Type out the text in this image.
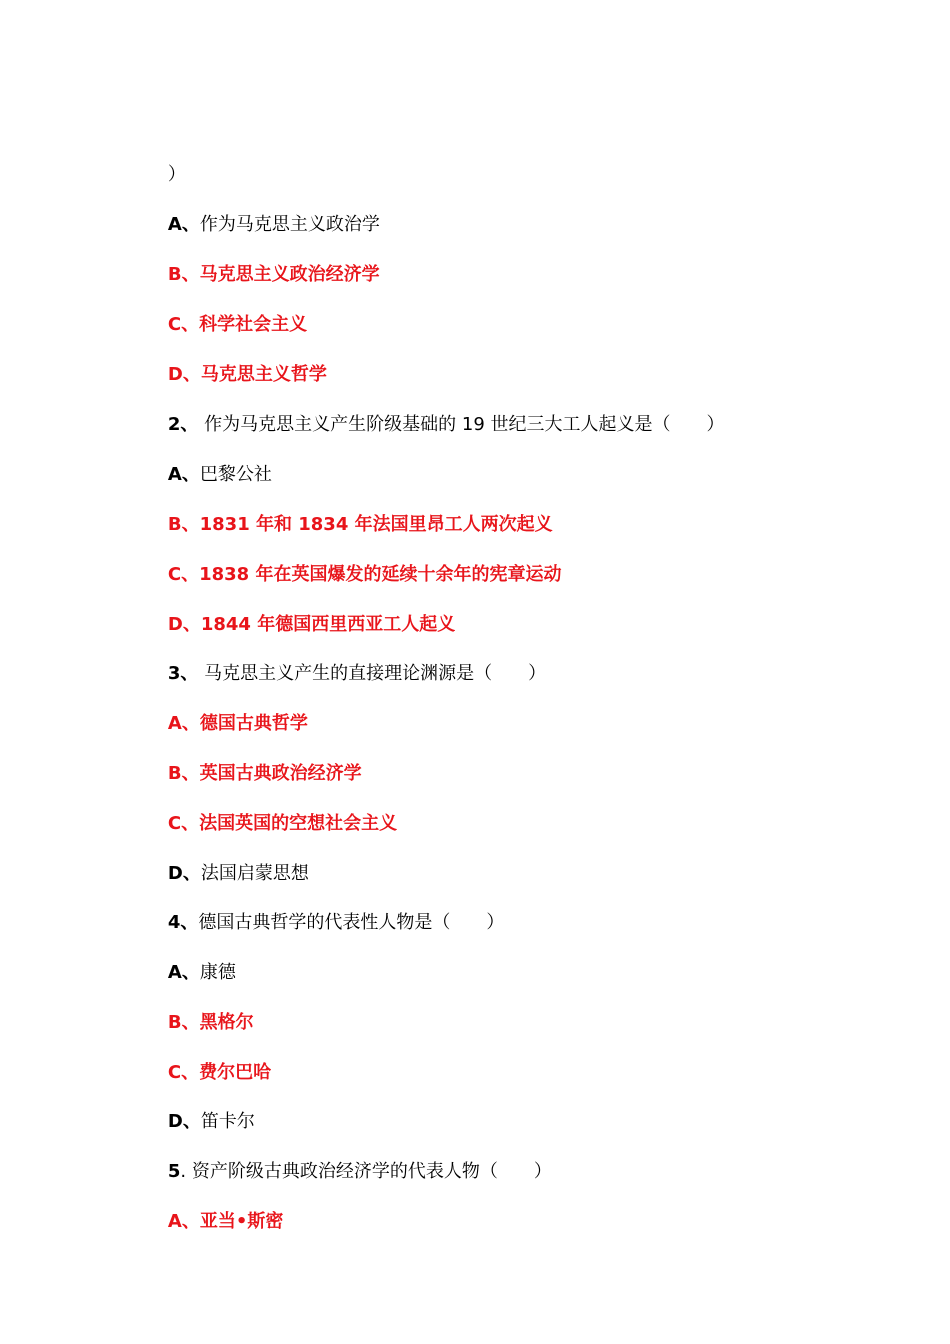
）

A、作为马克思主义政治学

B、马克思主义政治经济学

C、科学社会主义

D、马克思主义哲学

2、 作为马克思主义产生阶级基础的 19 世纪三大工人起义是（　　）

A、巴黎公社

B、1831 年和 1834 年法国里昂工人两次起义

C、1838 年在英国爆发的延续十余年的宪章运动

D、1844 年德国西里西亚工人起义

3、 马克思主义产生的直接理论渊源是（　　）

A、德国古典哲学

B、英国古典政治经济学

C、法国英国的空想社会主义

D、法国启蒙思想

4、德国古典哲学的代表性人物是（　　）

A、康德

B、黑格尔

C、费尔巴哈

D、笛卡尔

5. 资产阶级古典政治经济学的代表人物（　　）

A、亚当•斯密
